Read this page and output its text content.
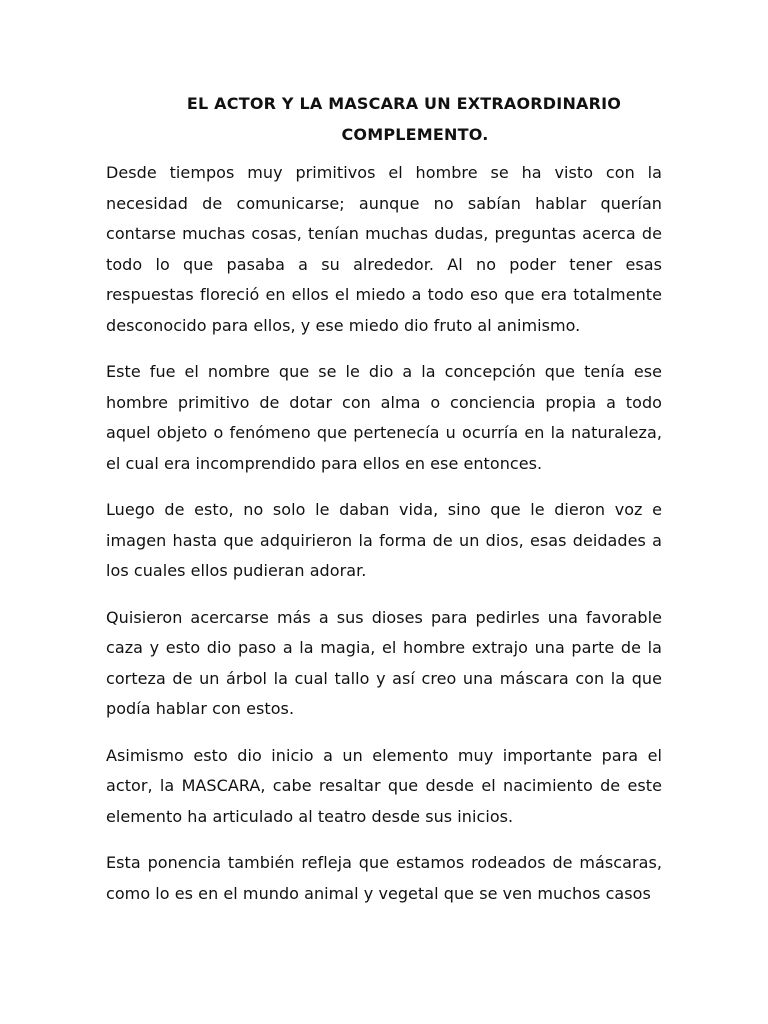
EL ACTOR Y LA MASCARA UN EXTRAORDINARIO
COMPLEMENTO.

Desde tiempos muy primitivos el hombre se ha visto con la necesidad de comunicarse; aunque no sabían hablar querían contarse muchas cosas, tenían muchas dudas, preguntas acerca de todo lo que pasaba a su alrededor. Al no poder tener esas respuestas floreció en ellos el miedo a todo eso que era totalmente desconocido para ellos, y ese miedo dio fruto al animismo.

Este fue el nombre que se le dio a la concepción que tenía ese hombre primitivo de dotar con alma o conciencia propia a todo aquel objeto o fenómeno que pertenecía u ocurría en la naturaleza, el cual era incomprendido para ellos en ese entonces.

Luego de esto, no solo le daban vida, sino que le dieron voz e imagen hasta que adquirieron la forma de un dios, esas deidades a los cuales ellos pudieran adorar.

Quisieron acercarse más a sus dioses para pedirles una favorable caza y esto dio paso a la magia, el hombre extrajo una parte de la corteza de un árbol la cual tallo y así creo una máscara con la que podía hablar con estos.

Asimismo esto dio inicio a un elemento muy importante para el actor, la MASCARA, cabe resaltar que desde el nacimiento de este elemento ha articulado al teatro desde sus inicios.

Esta ponencia también refleja que estamos rodeados de máscaras, como lo es en el mundo animal y vegetal que se ven muchos casos
